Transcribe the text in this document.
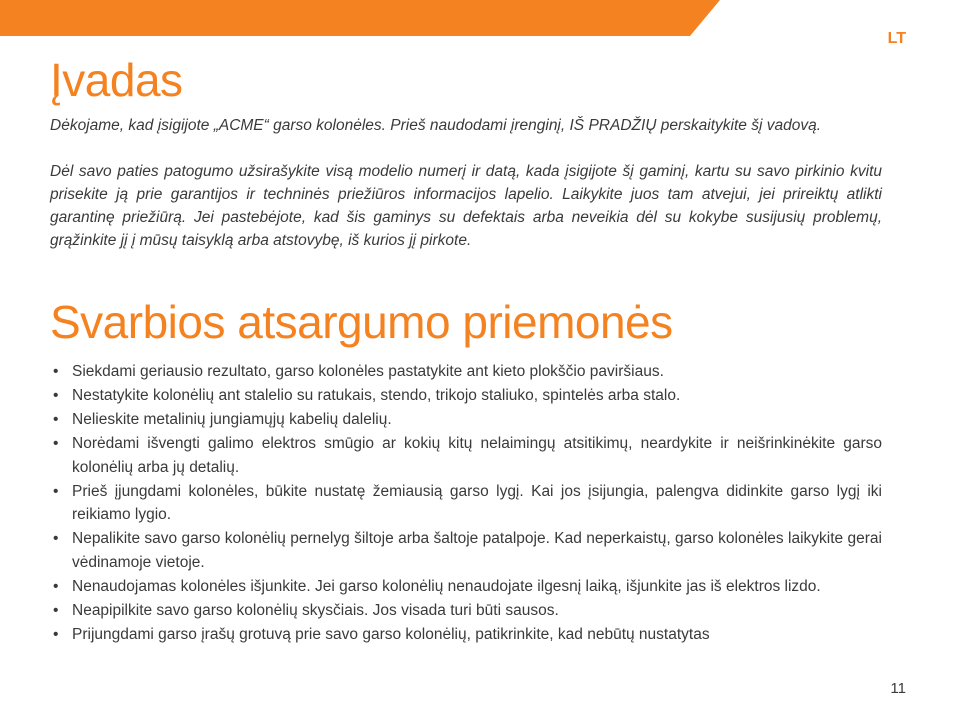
LT
Įvadas

Dėkojame, kad įsigijote „ACME“ garso kolonėles. Prieš naudodami įrenginį, IŠ PRADŽIŲ perskaitykite šį vadovą.

Dėl savo paties patogumo užsirašykite visą modelio numerį ir datą, kada įsigijote šį gaminį, kartu su savo pirkinio kvitu prisekite ją prie garantijos ir techninės priežiūros informacijos lapelio. Laikykite juos tam atvejui, jei prireiktų atlikti garantinę priežiūrą. Jei pastebėjote, kad šis gaminys su defektais arba neveikia dėl su kokybe susijusių problemų, grąžinkite jį į mūsų taisyklą arba atstovybę, iš kurios jį pirkote.

Svarbios atsargumo priemonės
• Siekdami geriausio rezultato, garso kolonėles pastatykite ant kieto plokščio paviršiaus.
• Nestatykite kolonėlių ant stalelio su ratukais, stendo, trikojo staliuko, spintelės arba stalo.
• Nelieskite metalinių jungiamųjų kabelių dalelių.
• Norėdami išvengti galimo elektros smūgio ar kokių kitų nelaimingų atsitikimų, neardykite ir neišrinkinėkite garso kolonėlių arba jų detalių.
• Prieš įjungdami kolonėles, būkite nustatę žemiausią garso lygį. Kai jos įsijungia, palengva didinkite garso lygį iki reikiamo lygio.
• Nepalikite savo garso kolonėlių pernelyg šiltoje arba šaltoje patalpoje. Kad neperkaistų, garso kolonėles laikykite gerai vėdinamoje vietoje.
• Nenaudojamas kolonėles išjunkite. Jei garso kolonėlių nenaudojate ilgesnį laiką, išjunkite jas iš elektros lizdo.
• Neapipilkite savo garso kolonėlių skysčiais. Jos visada turi būti sausos.
• Prijungdami garso įrašų grotuvą prie savo garso kolonėlių, patikrinkite, kad nebūtų nustatytas
11
